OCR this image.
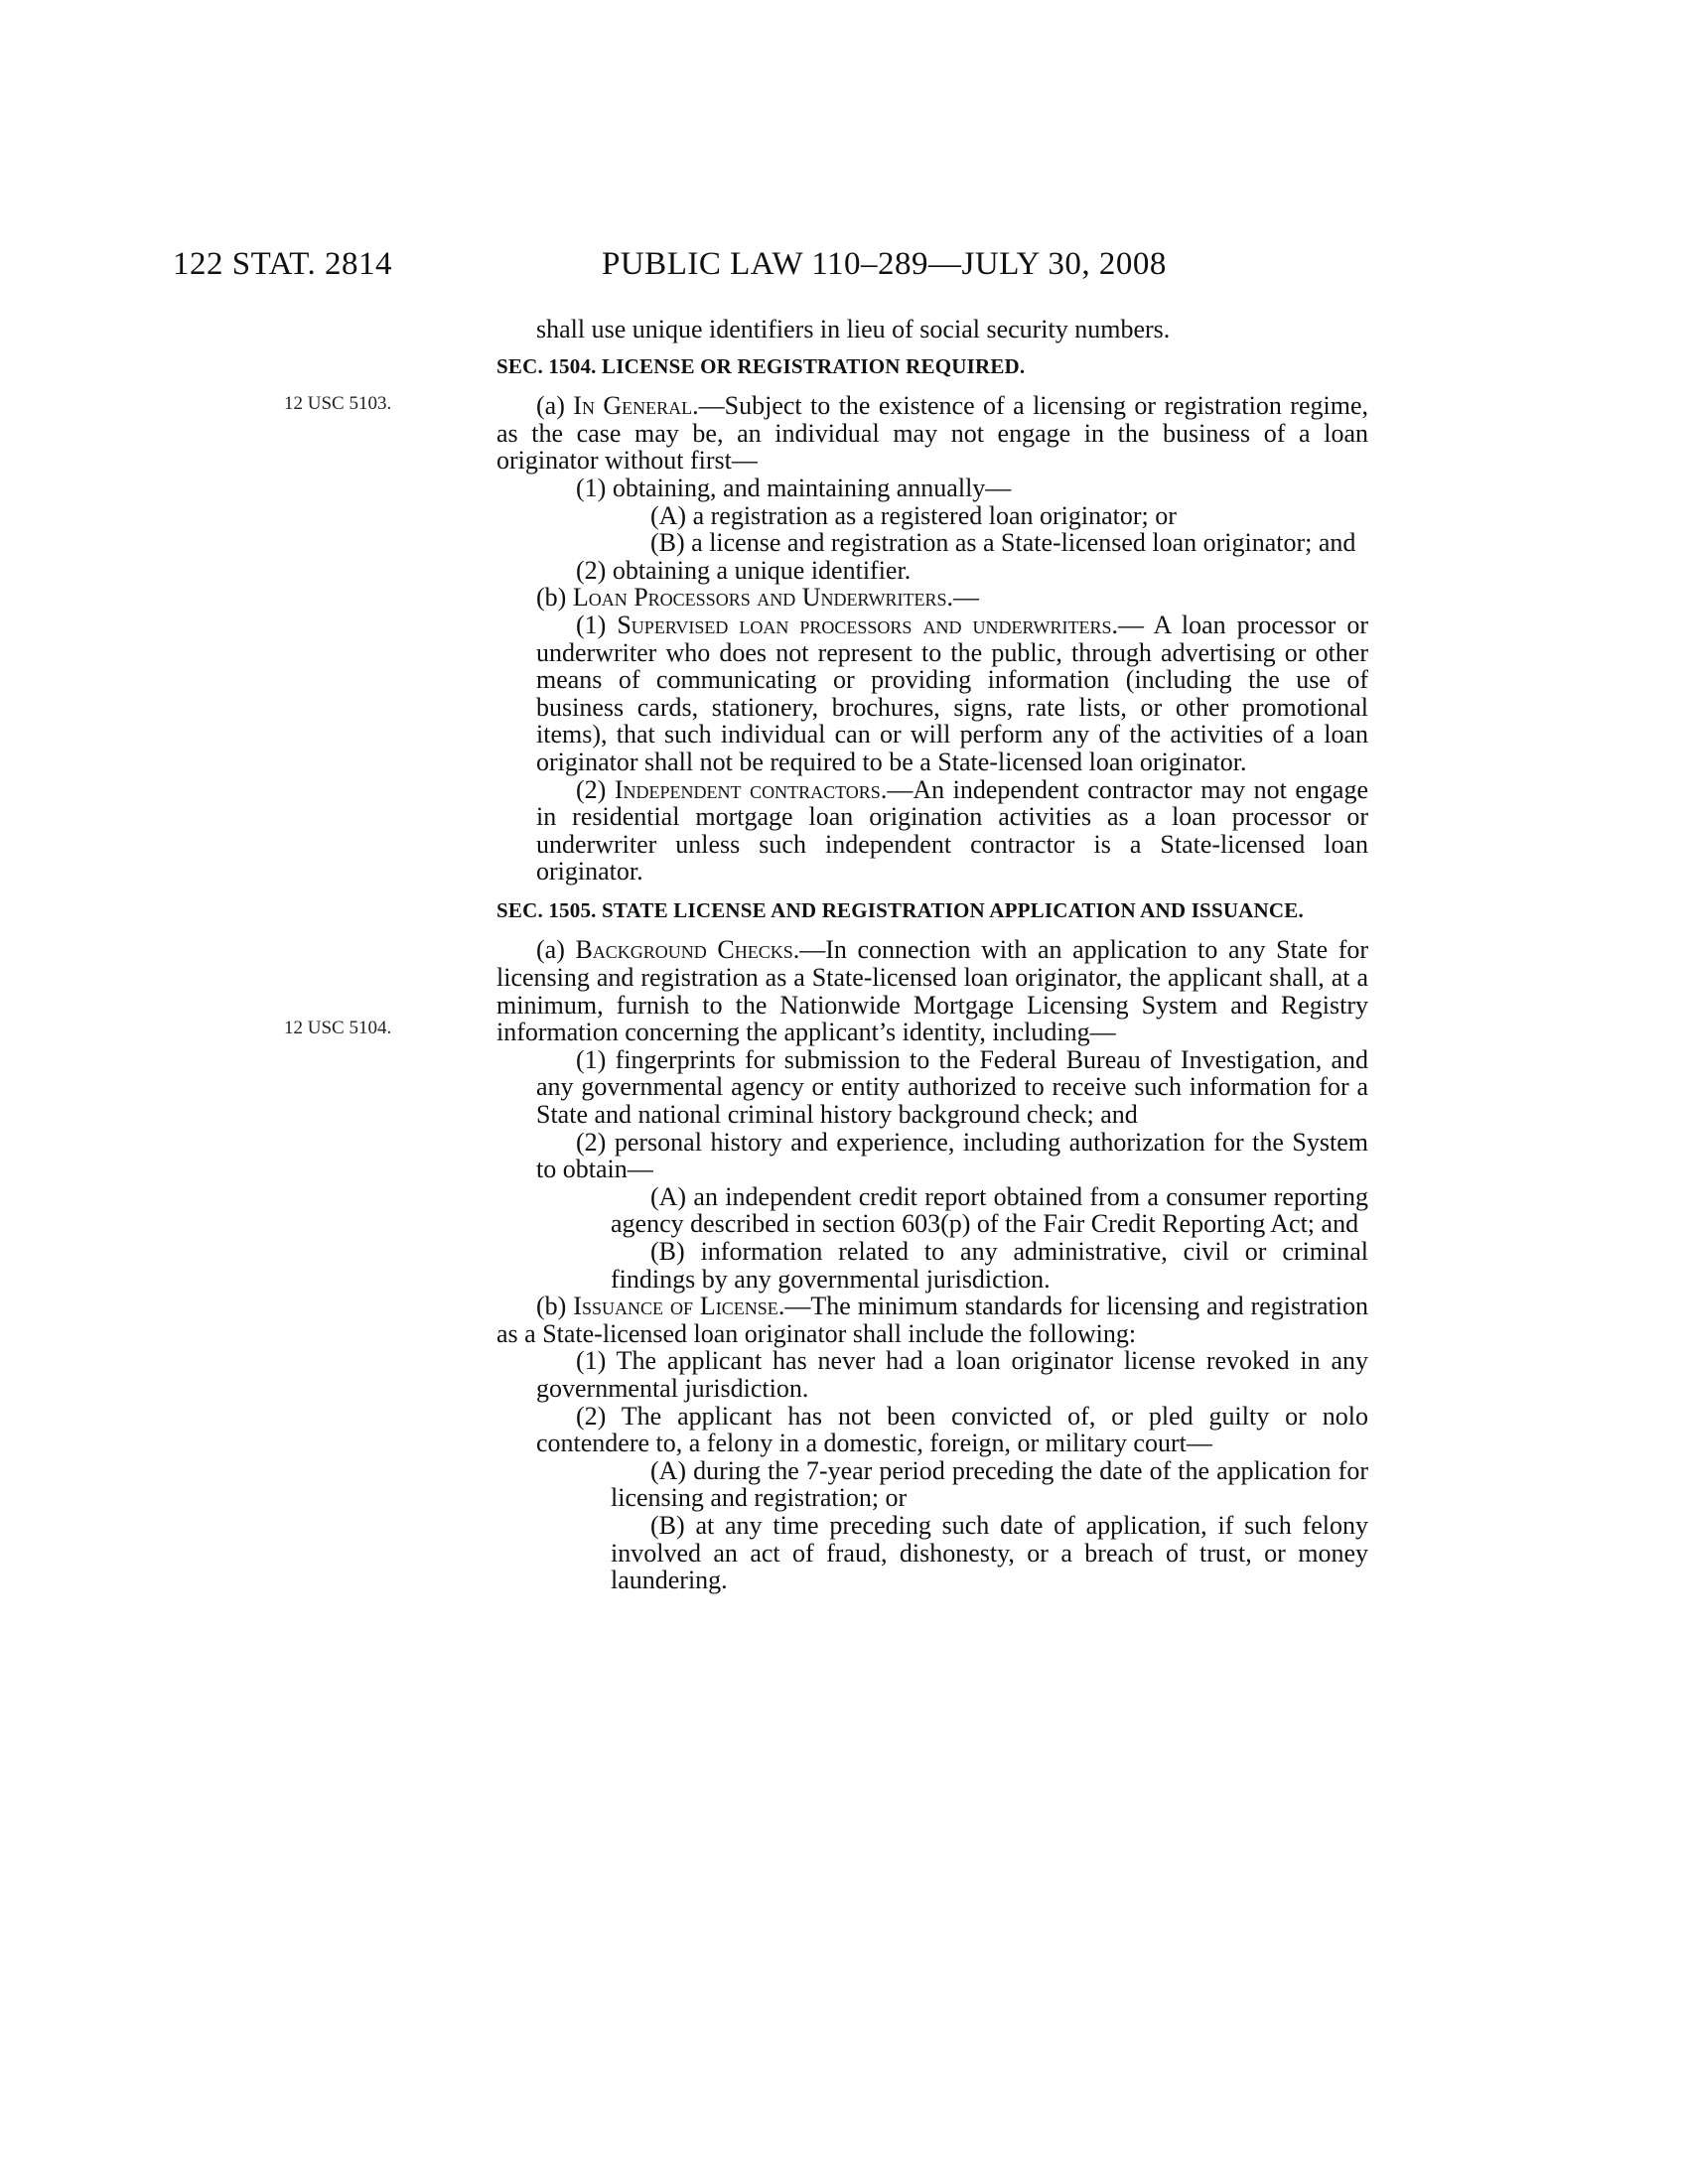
122 STAT. 2814	PUBLIC LAW 110–289—JULY 30, 2008
12 USC 5103.
12 USC 5104.

shall use unique identifiers in lieu of social security numbers.

SEC. 1504. LICENSE OR REGISTRATION REQUIRED.

(a) In General.—Subject to the existence of a licensing or registration regime, as the case may be, an individual may not engage in the business of a loan originator without first—

(1) obtaining, and maintaining annually—

(A) a registration as a registered loan originator; or

(B) a license and registration as a State-licensed loan originator; and

(2) obtaining a unique identifier.

(b) Loan Processors and Underwriters.—

(1) Supervised loan processors and underwriters.— A loan processor or underwriter who does not represent to the public, through advertising or other means of communicating or providing information (including the use of business cards, stationery, brochures, signs, rate lists, or other promotional items), that such individual can or will perform any of the activities of a loan originator shall not be required to be a State-licensed loan originator.

(2) Independent contractors.—An independent contractor may not engage in residential mortgage loan origination activities as a loan processor or underwriter unless such independent contractor is a State-licensed loan originator.

SEC. 1505. STATE LICENSE AND REGISTRATION APPLICATION AND ISSUANCE.

(a) Background Checks.—In connection with an application to any State for licensing and registration as a State-licensed loan originator, the applicant shall, at a minimum, furnish to the Nationwide Mortgage Licensing System and Registry information concerning the applicant’s identity, including—

(1) fingerprints for submission to the Federal Bureau of Investigation, and any governmental agency or entity authorized to receive such information for a State and national criminal history background check; and

(2) personal history and experience, including authorization for the System to obtain—

(A) an independent credit report obtained from a consumer reporting agency described in section 603(p) of the Fair Credit Reporting Act; and

(B) information related to any administrative, civil or criminal findings by any governmental jurisdiction.

(b) Issuance of License.—The minimum standards for licensing and registration as a State-licensed loan originator shall include the following:

(1) The applicant has never had a loan originator license revoked in any governmental jurisdiction.

(2) The applicant has not been convicted of, or pled guilty or nolo contendere to, a felony in a domestic, foreign, or military court—

(A) during the 7-year period preceding the date of the application for licensing and registration; or

(B) at any time preceding such date of application, if such felony involved an act of fraud, dishonesty, or a breach of trust, or money laundering.
